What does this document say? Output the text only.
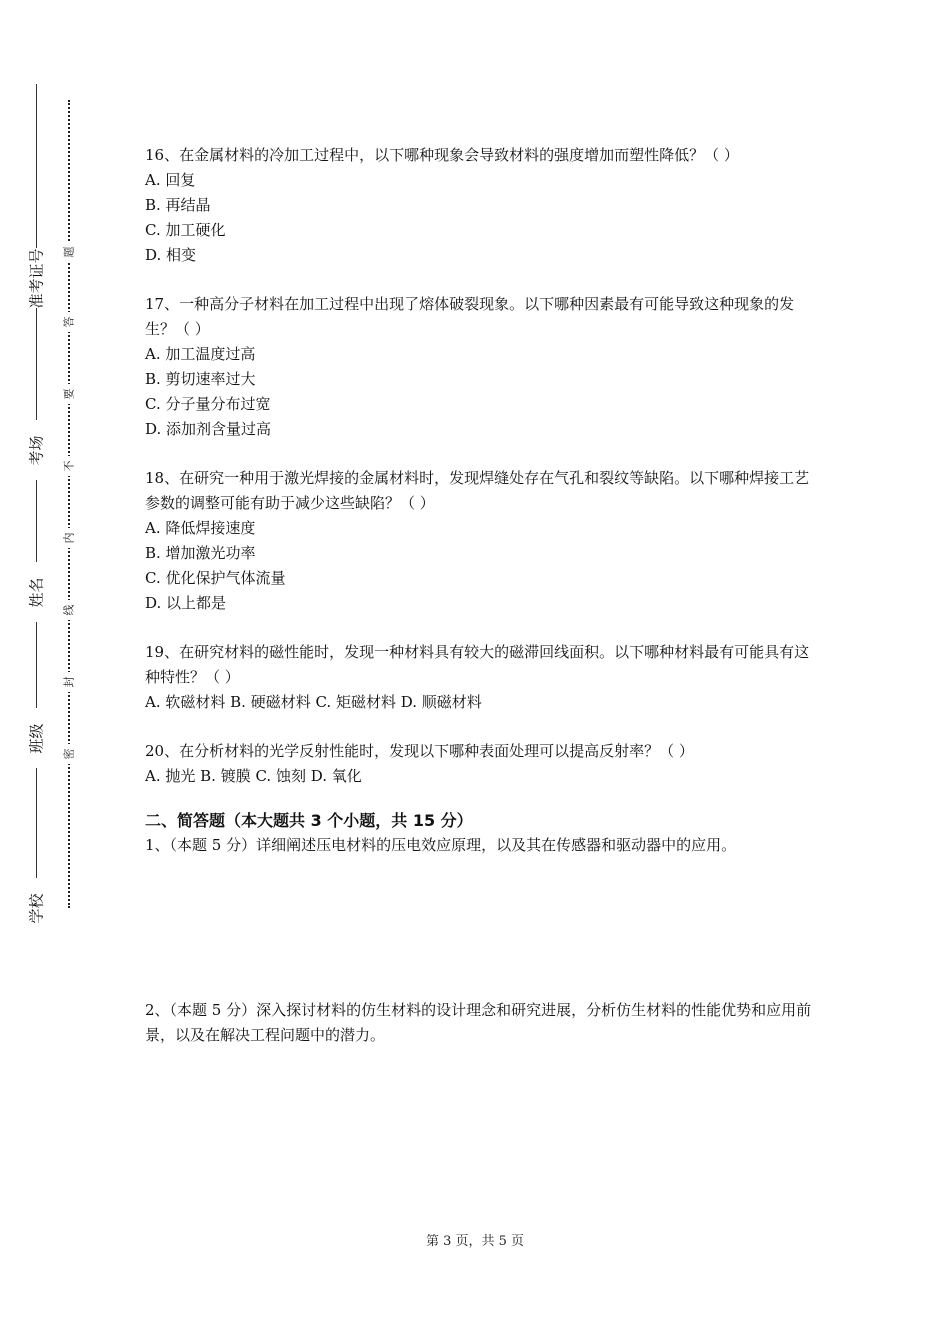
准考证号
考场
姓名
班级
学校
题
答
要
不
内
线
封
密

16、在金属材料的冷加工过程中，以下哪种现象会导致材料的强度增加而塑性降低？（ ）

A. 回复

B. 再结晶

C. 加工硬化

D. 相变

17、一种高分子材料在加工过程中出现了熔体破裂现象。以下哪种因素最有可能导致这种现象的发生？（ ）

A. 加工温度过高

B. 剪切速率过大

C. 分子量分布过宽

D. 添加剂含量过高

18、在研究一种用于激光焊接的金属材料时，发现焊缝处存在气孔和裂纹等缺陷。以下哪种焊接工艺参数的调整可能有助于减少这些缺陷？（ ）

A. 降低焊接速度

B. 增加激光功率

C. 优化保护气体流量

D. 以上都是

19、在研究材料的磁性能时，发现一种材料具有较大的磁滞回线面积。以下哪种材料最有可能具有这种特性？（ ）

A. 软磁材料 B. 硬磁材料 C. 矩磁材料 D. 顺磁材料

20、在分析材料的光学反射性能时，发现以下哪种表面处理可以提高反射率？（ ）

A. 抛光 B. 镀膜 C. 蚀刻 D. 氧化

二、简答题（本大题共 3 个小题，共 15 分）

1、（本题 5 分）详细阐述压电材料的压电效应原理，以及其在传感器和驱动器中的应用。

2、（本题 5 分）深入探讨材料的仿生材料的设计理念和研究进展，分析仿生材料的性能优势和应用前景，以及在解决工程问题中的潜力。

第 3 页，共 5 页
